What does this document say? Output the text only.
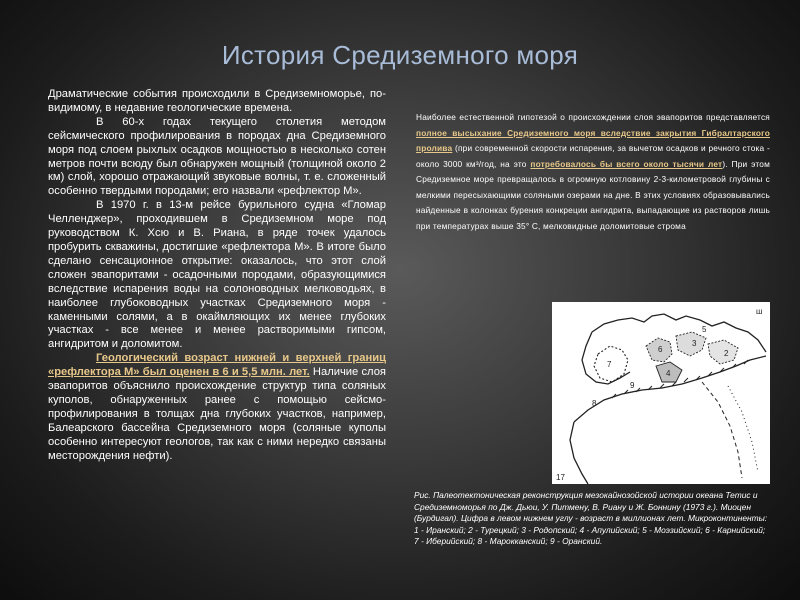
История Средиземного моря

Драматические события происходили в Средиземноморье, по-видимому, в недавние геологические времена.

В 60-х годах текущего столетия методом сейсмического профилирования в породах дна Средиземного моря под слоем рыхлых осадков мощностью в несколько сотен метров почти всюду был обнаружен мощный (толщиной около 2 км) слой, хорошо отражающий звуковые волны, т. е. сложенный особенно твердыми породами; его назвали «рефлектор М».

В 1970 г. в 13-м рейсе бурильного судна «Гломар Челленджер», проходившем в Средиземном море под руководством К. Хсю и В. Риана, в ряде точек удалось пробурить скважины, достигшие «рефлектора М». В итоге было сделано сенсационное открытие: оказалось, что этот слой сложен эвапоритами - осадочными породами, образующимися вследствие испарения воды на солоноводных мелководьях, в наиболее глубоководных участках Средиземного моря - каменными солями, а в окаймляющих их менее глубоких участках - все менее и менее растворимыми гипсом, ангидритом и доломитом.

Геологический возраст нижней и верхней границ «рефлектора М» был оценен в 6 и 5,5 млн. лет. Наличие слоя эвапоритов объяснило происхождение структур типа соляных куполов, обнаруженных ранее с помощью сейсмо-профилирования в толщах дна глубоких участков, например, Балеарского бассейна Средиземного моря (соляные куполы особенно интересуют геологов, так как с ними нередко связаны месторождения нефти).

Наиболее естественной гипотезой о происхождении слоя эвапоритов представляется полное высыхание Средиземного моря вследствие закрытия Гибралтарского пролива (при современной скорости испарения, за вычетом осадков и речного стока - около 3000 км³/год, на это потребовалось бы всего около тысячи лет). При этом Средиземное море превращалось в огромную котловину 2-3-километровой глубины с мелкими пересыхающими соляными озерами на дне. В этих условиях образовывались найденные в колонках бурения конкреции ангидрита, выпадающие из растворов лишь при температурах выше 35° С, мелковидные доломитовые строма

ш
7
2
3
4
5
6
8
9
17

Рис. Палеотектоническая реконструкция мезокайнозойской истории океана Тетис и Средиземноморья по Дж. Дьюи, У. Питмену, В. Риану и Ж. Боннину (1973 г.). Миоцен (Бурдигал). Цифра в левом нижнем углу - возраст в миллионах лет. Микроконтиненты: 1 - Иранский; 2 - Турецкий; 3 - Родопский; 4 - Апулийский; 5 - Моэзийский; 6 - Карнийский; 7 - Иберийский; 8 - Марокканский; 9 - Оранский.
